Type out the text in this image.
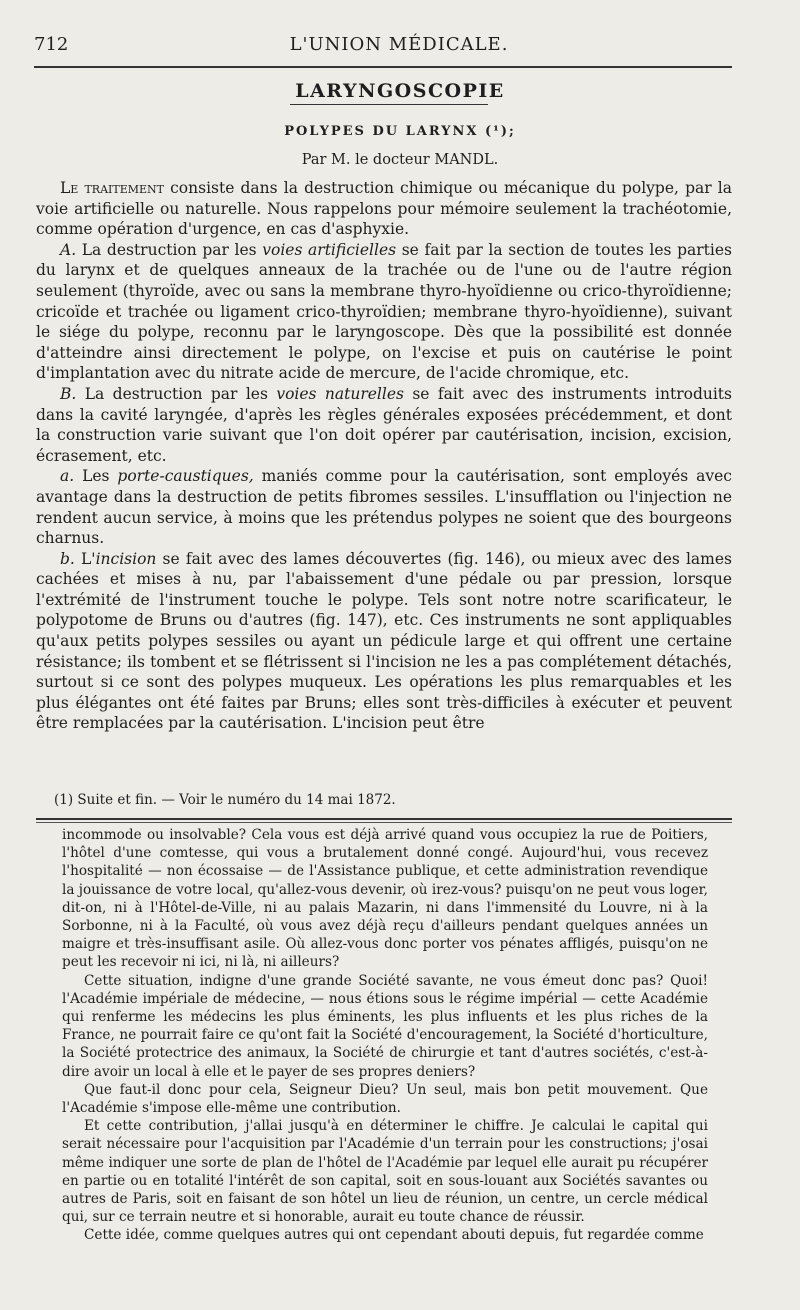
712	L'UNION MÉDICALE.
LARYNGOSCOPIE
POLYPES DU LARYNX (¹);
Par M. le docteur MANDL.

Le traitement consiste dans la destruction chimique ou mécanique du polype, par la voie artificielle ou naturelle. Nous rappelons pour mémoire seulement la trachéotomie, comme opération d'urgence, en cas d'asphyxie.

A. La destruction par les voies artificielles se fait par la section de toutes les parties du larynx et de quelques anneaux de la trachée ou de l'une ou de l'autre région seulement (thyroïde, avec ou sans la membrane thyro-hyoïdienne ou crico-thyroïdienne; cricoïde et trachée ou ligament crico-thyroïdien; membrane thyro-hyoïdienne), suivant le siége du polype, reconnu par le laryngoscope. Dès que la possibilité est donnée d'atteindre ainsi directement le polype, on l'excise et puis on cautérise le point d'implantation avec du nitrate acide de mercure, de l'acide chromique, etc.

B. La destruction par les voies naturelles se fait avec des instruments introduits dans la cavité laryngée, d'après les règles générales exposées précédemment, et dont la construction varie suivant que l'on doit opérer par cautérisation, incision, excision, écrasement, etc.

a. Les porte-caustiques, maniés comme pour la cautérisation, sont employés avec avantage dans la destruction de petits fibromes sessiles. L'insufflation ou l'injection ne rendent aucun service, à moins que les prétendus polypes ne soient que des bourgeons charnus.

b. L'incision se fait avec des lames découvertes (fig. 146), ou mieux avec des lames cachées et mises à nu, par l'abaissement d'une pédale ou par pression, lorsque l'extrémité de l'instrument touche le polype. Tels sont notre notre scarificateur, le polypotome de Bruns ou d'autres (fig. 147), etc. Ces instruments ne sont appliquables qu'aux petits polypes sessiles ou ayant un pédicule large et qui offrent une certaine résistance; ils tombent et se flétrissent si l'incision ne les a pas complétement détachés, surtout si ce sont des polypes muqueux. Les opérations les plus remarquables et les plus élégantes ont été faites par Bruns; elles sont très-difficiles à exécuter et peuvent être remplacées par la cautérisation. L'incision peut être

(1) Suite et fin. — Voir le numéro du 14 mai 1872.

incommode ou insolvable? Cela vous est déjà arrivé quand vous occupiez la rue de Poitiers, l'hôtel d'une comtesse, qui vous a brutalement donné congé. Aujourd'hui, vous recevez l'hospitalité — non écossaise — de l'Assistance publique, et cette administration revendique la jouissance de votre local, qu'allez-vous devenir, où irez-vous? puisqu'on ne peut vous loger, dit-on, ni à l'Hôtel-de-Ville, ni au palais Mazarin, ni dans l'immensité du Louvre, ni à la Sorbonne, ni à la Faculté, où vous avez déjà reçu d'ailleurs pendant quelques années un maigre et très-insuffisant asile. Où allez-vous donc porter vos pénates affligés, puisqu'on ne peut les recevoir ni ici, ni là, ni ailleurs?

Cette situation, indigne d'une grande Société savante, ne vous émeut donc pas? Quoi! l'Académie impériale de médecine, — nous étions sous le régime impérial — cette Académie qui renferme les médecins les plus éminents, les plus influents et les plus riches de la France, ne pourrait faire ce qu'ont fait la Société d'encouragement, la Société d'horticulture, la Société protectrice des animaux, la Société de chirurgie et tant d'autres sociétés, c'est-à-dire avoir un local à elle et le payer de ses propres deniers?

Que faut-il donc pour cela, Seigneur Dieu? Un seul, mais bon petit mouvement. Que l'Académie s'impose elle-même une contribution.

Et cette contribution, j'allai jusqu'à en déterminer le chiffre. Je calculai le capital qui serait nécessaire pour l'acquisition par l'Académie d'un terrain pour les constructions; j'osai même indiquer une sorte de plan de l'hôtel de l'Académie par lequel elle aurait pu récupérer en partie ou en totalité l'intérêt de son capital, soit en sous-louant aux Sociétés savantes ou autres de Paris, soit en faisant de son hôtel un lieu de réunion, un centre, un cercle médical qui, sur ce terrain neutre et si honorable, aurait eu toute chance de réussir.

Cette idée, comme quelques autres qui ont cependant abouti depuis, fut regardée comme
